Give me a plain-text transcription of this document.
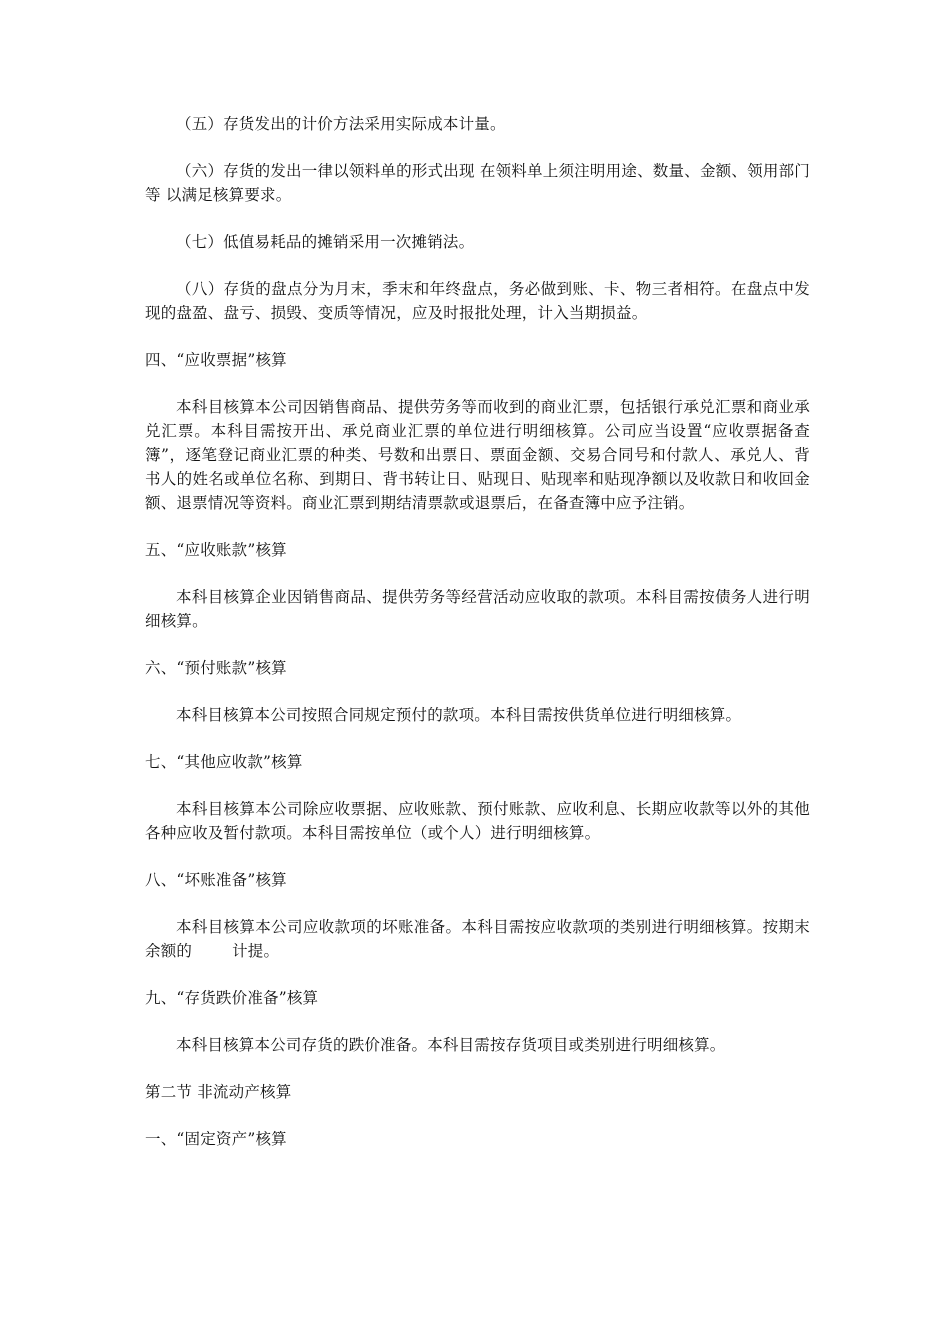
（五）存货发出的计价方法采用实际成本计量。

（六）存货的发出一律以领料单的形式出现 在领料单上须注明用途、数量、金额、领用部门等 以满足核算要求。

（七）低值易耗品的摊销采用一次摊销法。

（八）存货的盘点分为月末，季末和年终盘点，务必做到账、卡、物三者相符。在盘点中发现的盘盈、盘亏、损毁、变质等情况，应及时报批处理，计入当期损益。

四、“应收票据”核算

本科目核算本公司因销售商品、提供劳务等而收到的商业汇票，包括银行承兑汇票和商业承兑汇票。本科目需按开出、承兑商业汇票的单位进行明细核算。公司应当设置“应收票据备查簿”，逐笔登记商业汇票的种类、号数和出票日、票面金额、交易合同号和付款人、承兑人、背书人的姓名或单位名称、到期日、背书转让日、贴现日、贴现率和贴现净额以及收款日和收回金额、退票情况等资料。商业汇票到期结清票款或退票后，在备查簿中应予注销。

五、“应收账款”核算

本科目核算企业因销售商品、提供劳务等经营活动应收取的款项。本科目需按债务人进行明细核算。

六、“预付账款”核算

本科目核算本公司按照合同规定预付的款项。本科目需按供货单位进行明细核算。

七、“其他应收款”核算

本科目核算本公司除应收票据、应收账款、预付账款、应收利息、长期应收款等以外的其他各种应收及暂付款项。本科目需按单位（或个人）进行明细核算。

八、“坏账准备”核算

本科目核算本公司应收款项的坏账准备。本科目需按应收款项的类别进行明细核算。按期末余额的	计提。

九、“存货跌价准备”核算

本科目核算本公司存货的跌价准备。本科目需按存货项目或类别进行明细核算。

第二节 非流动产核算

一、“固定资产”核算
